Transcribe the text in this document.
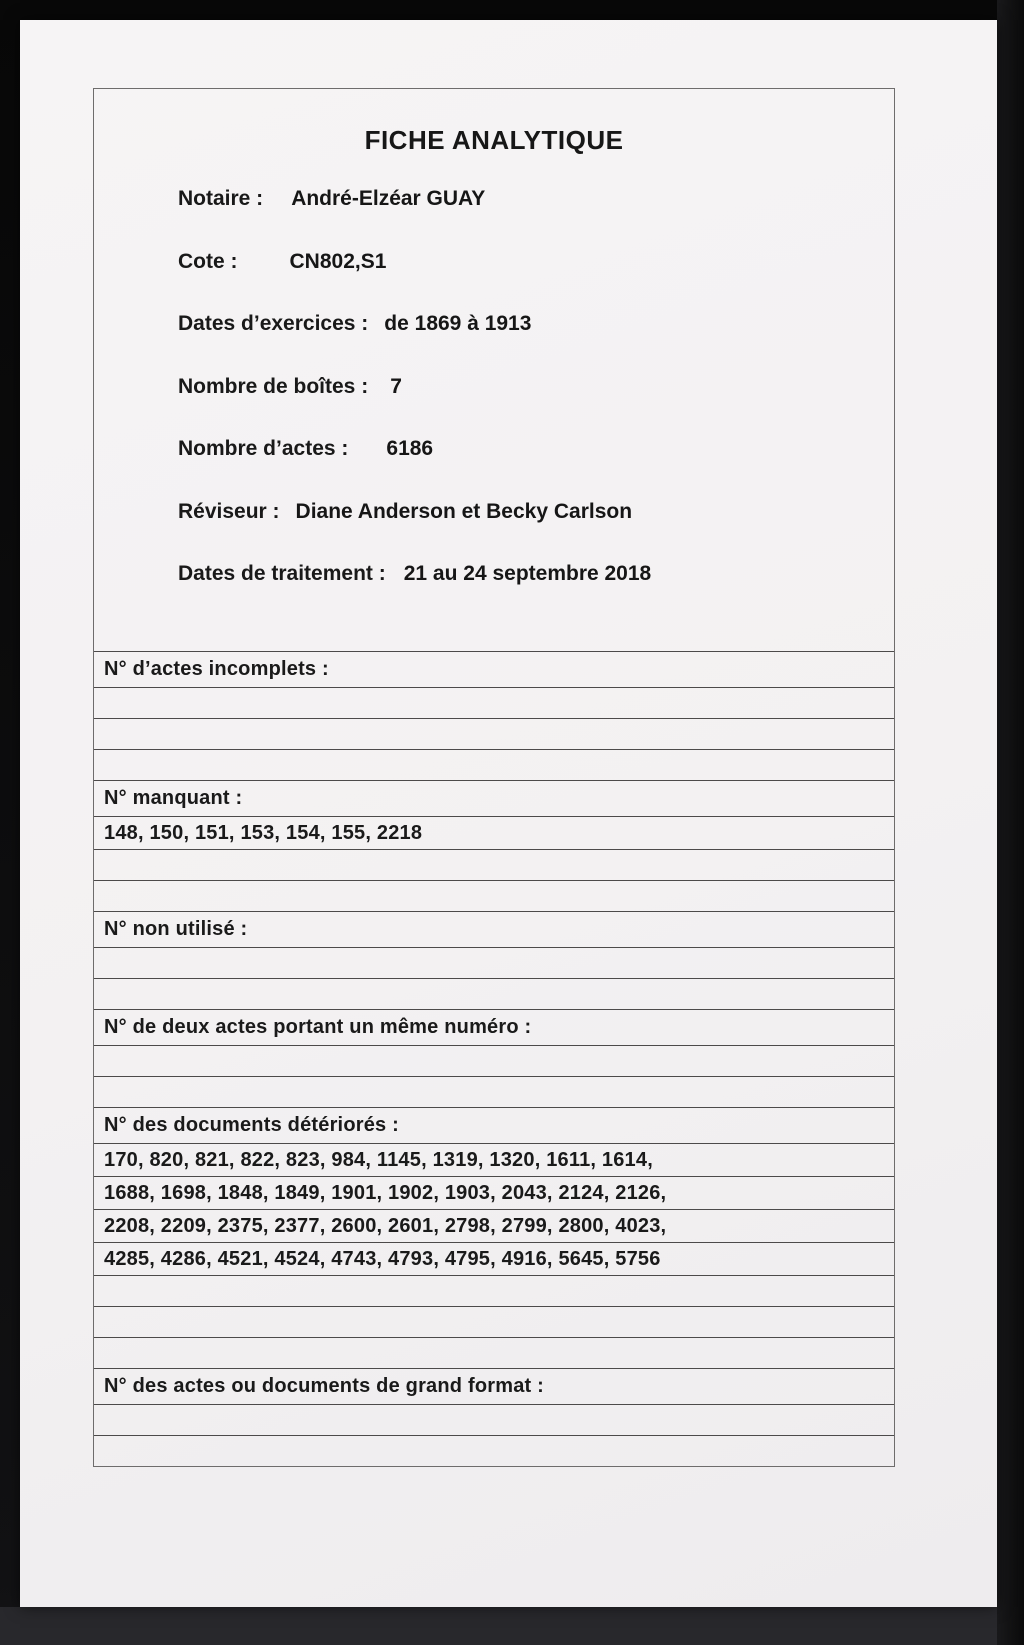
FICHE ANALYTIQUE
Notaire : André-Elzéar GUAY
Cote : CN802,S1
Dates d’exercices : de 1869 à 1913
Nombre de boîtes : 7
Nombre d’actes : 6186
Réviseur : Diane Anderson et Becky Carlson
Dates de traitement : 21 au 24 septembre 2018
N° d’actes incomplets :
N° manquant :
148, 150, 151, 153, 154, 155, 2218
N° non utilisé :
N° de deux actes portant un même numéro :
N° des documents détériorés :
170, 820, 821, 822, 823, 984, 1145, 1319, 1320, 1611, 1614,
1688, 1698, 1848, 1849, 1901, 1902, 1903, 2043, 2124, 2126,
2208, 2209, 2375, 2377, 2600, 2601, 2798, 2799, 2800, 4023,
4285, 4286, 4521, 4524, 4743, 4793, 4795, 4916, 5645, 5756
N° des actes ou documents de grand format :
